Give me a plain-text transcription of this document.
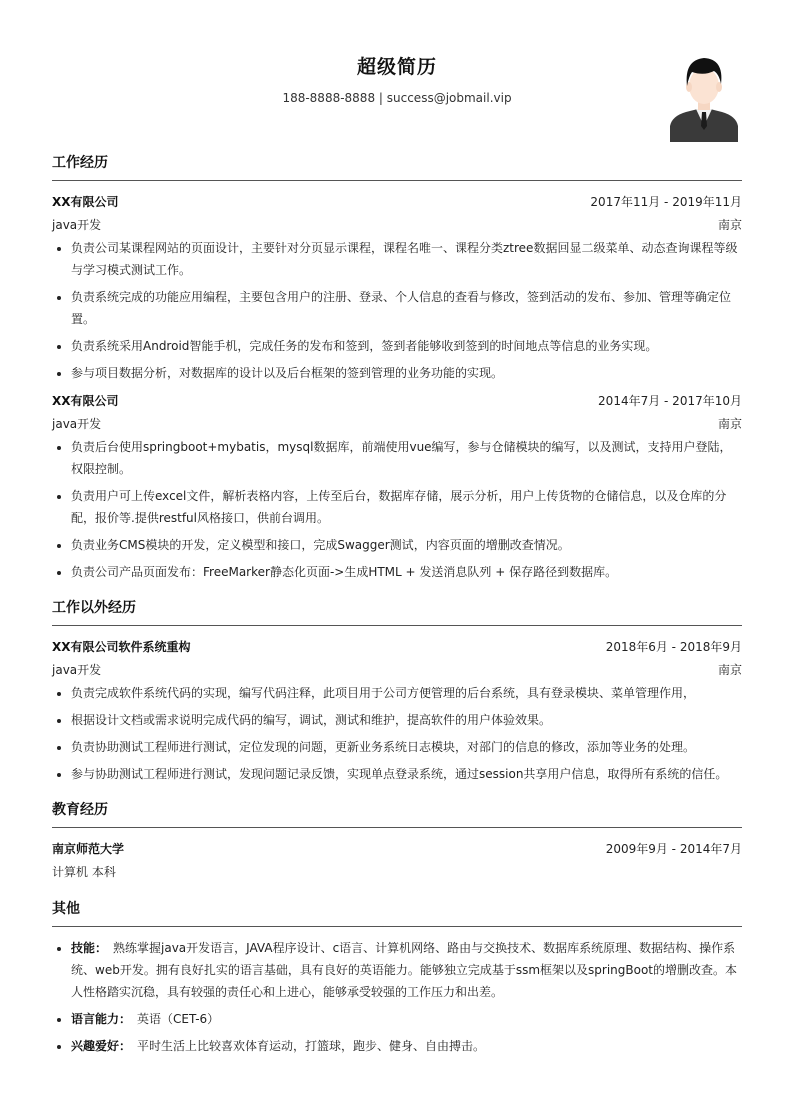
超级简历
188-8888-8888 | success@jobmail.vip
工作经历
XX有限公司	2017年11月 - 2019年11月
java开发	南京
• 负责公司某课程网站的页面设计，主要针对分页显示课程，课程名唯一、课程分类ztree数据回显二级菜单、动态查询课程等级与学习模式测试工作。
• 负责系统完成的功能应用编程，主要包含用户的注册、登录、个人信息的查看与修改，签到活动的发布、参加、管理等确定位置。
• 负责系统采用Android智能手机，完成任务的发布和签到，签到者能够收到签到的时间地点等信息的业务实现。
• 参与项目数据分析，对数据库的设计以及后台框架的签到管理的业务功能的实现。
XX有限公司	2014年7月 - 2017年10月
java开发	南京
• 负责后台使用springboot+mybatis，mysql数据库，前端使用vue编写，参与仓储模块的编写，以及测试，支持用户登陆，权限控制。
• 负责用户可上传excel文件，解析表格内容，上传至后台，数据库存储，展示分析，用户上传货物的仓储信息，以及仓库的分配，报价等.提供restful风格接口，供前台调用。
• 负责业务CMS模块的开发，定义模型和接口，完成Swagger测试，内容页面的增删改查情况。
• 负责公司产品页面发布：FreeMarker静态化页面->生成HTML + 发送消息队列 + 保存路径到数据库。
工作以外经历
XX有限公司软件系统重构	2018年6月 - 2018年9月
java开发	南京
• 负责完成软件系统代码的实现，编写代码注释，此项目用于公司方便管理的后台系统，具有登录模块、菜单管理作用，
• 根据设计文档或需求说明完成代码的编写，调试，测试和维护，提高软件的用户体验效果。
• 负责协助测试工程师进行测试，定位发现的问题，更新业务系统日志模块，对部门的信息的修改，添加等业务的处理。
• 参与协助测试工程师进行测试，发现问题记录反馈，实现单点登录系统，通过session共享用户信息，取得所有系统的信任。
教育经历
南京师范大学	2009年9月 - 2014年7月
计算机 本科
其他
• 技能： 熟练掌握java开发语言，JAVA程序设计、c语言、计算机网络、路由与交换技术、数据库系统原理、数据结构、操作系统、web开发。拥有良好扎实的语言基础，具有良好的英语能力。能够独立完成基于ssm框架以及springBoot的增删改查。本人性格踏实沉稳，具有较强的责任心和上进心，能够承受较强的工作压力和出差。
• 语言能力： 英语（CET-6）
• 兴趣爱好： 平时生活上比较喜欢体育运动，打篮球，跑步、健身、自由搏击。
